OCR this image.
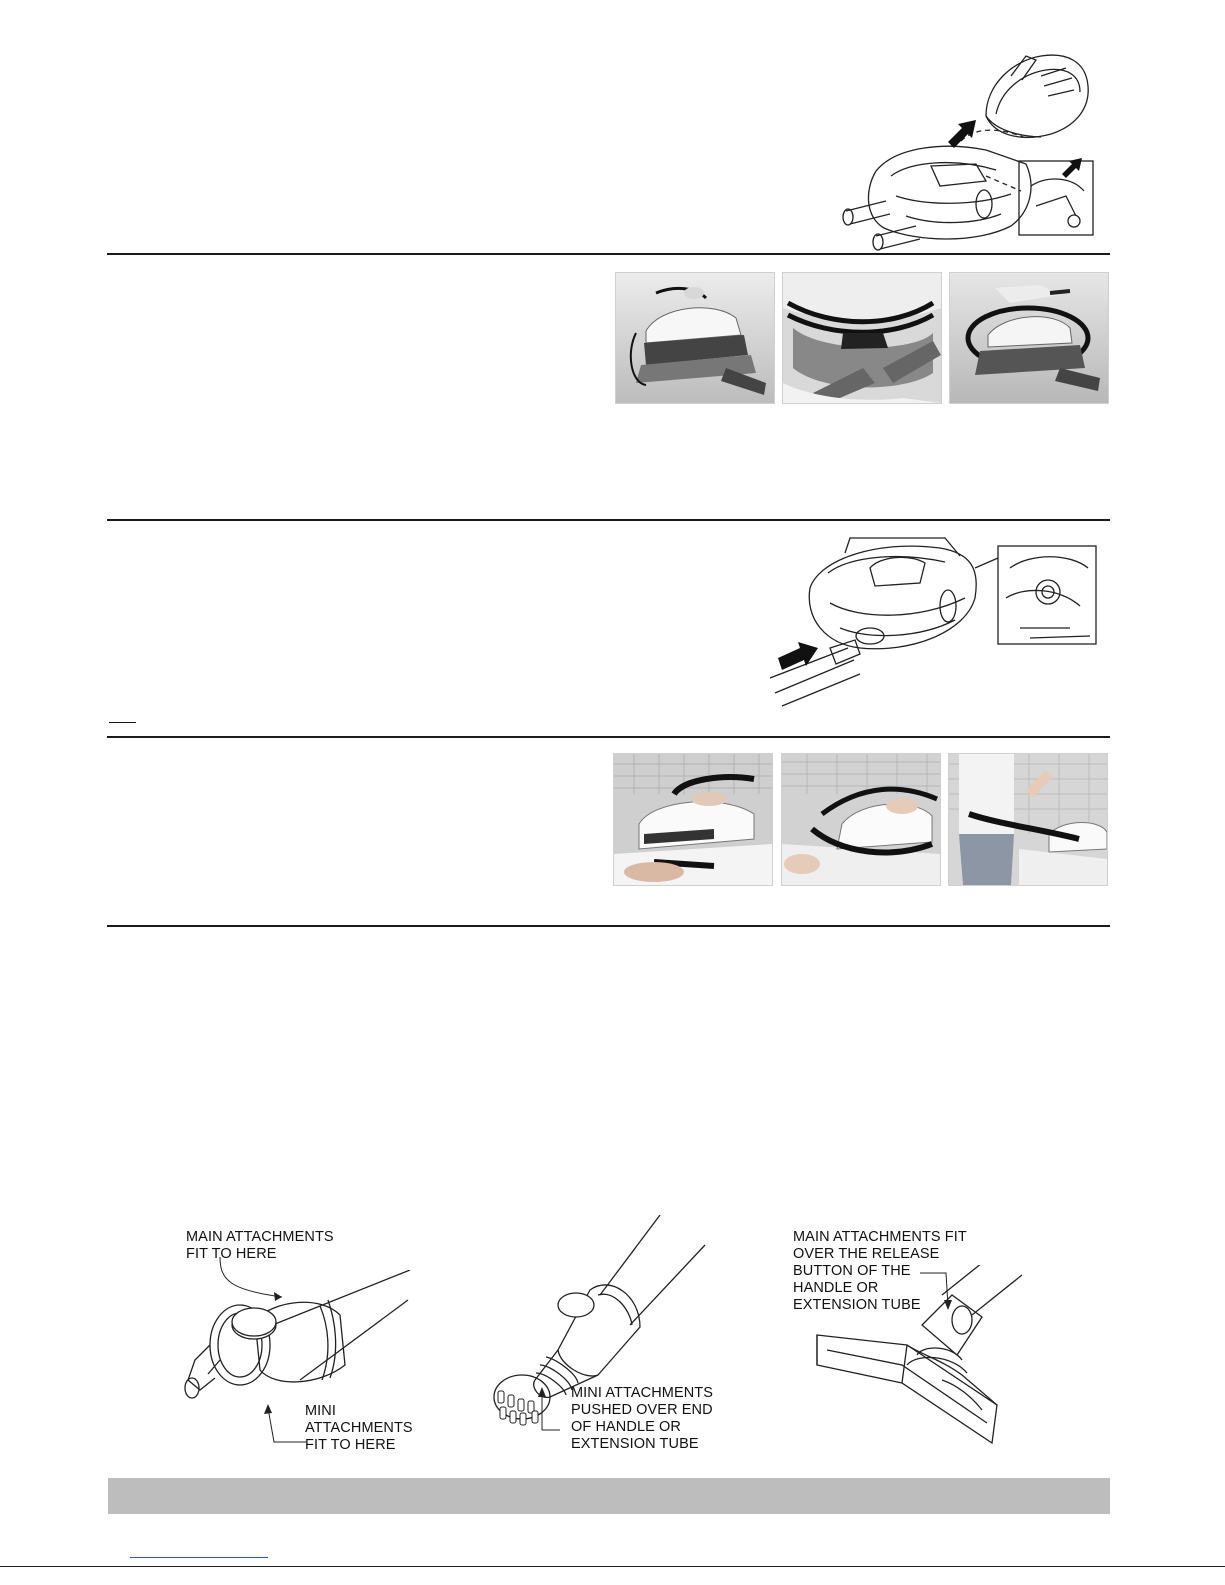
MAIN ATTACHMENTS
FIT TO HERE
MINI
ATTACHMENTS
FIT TO HERE
MINI ATTACHMENTS
PUSHED OVER END
OF HANDLE OR
EXTENSION TUBE
MAIN ATTACHMENTS FIT
OVER THE RELEASE
BUTTON OF THE
HANDLE OR
EXTENSION TUBE
